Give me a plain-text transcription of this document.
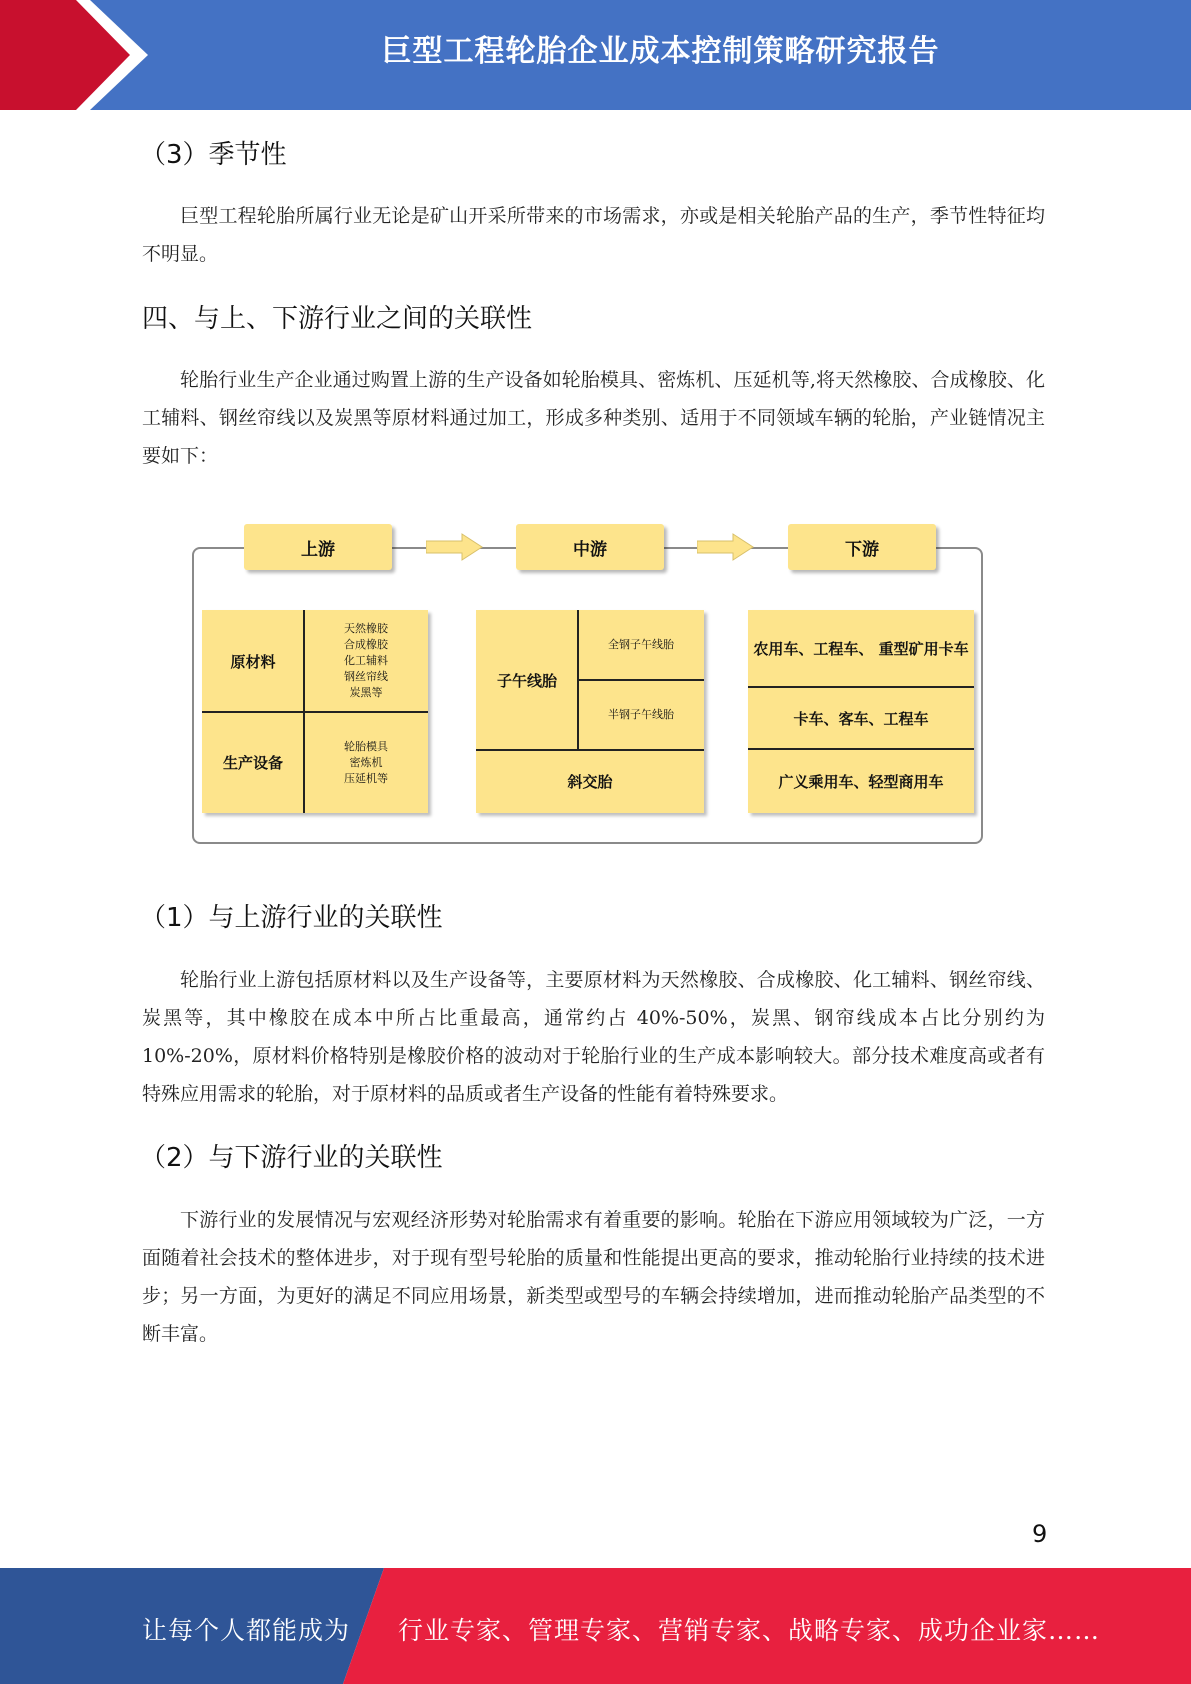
巨型工程轮胎企业成本控制策略研究报告
（3）季节性

巨型工程轮胎所属行业无论是矿山开采所带来的市场需求，亦或是相关轮胎产品的生产，季节性特征均不明显。

四、与上、下游行业之间的关联性

轮胎行业生产企业通过购置上游的生产设备如轮胎模具、密炼机、压延机等,将天然橡胶、合成橡胶、化工辅料、钢丝帘线以及炭黑等原材料通过加工，形成多种类别、适用于不同领域车辆的轮胎，产业链情况主要如下：

上游	中游	下游
原材料
天然橡胶
合成橡胶
化工辅料
钢丝帘线
炭黑等
生产设备
轮胎模具
密炼机
压延机等
子午线胎
全钢子午线胎
半钢子午线胎
斜交胎
农用车、工程车、 重型矿用卡车
卡车、客车、工程车
广义乘用车、轻型商用车
（1）与上游行业的关联性

轮胎行业上游包括原材料以及生产设备等，主要原材料为天然橡胶、合成橡胶、化工辅料、钢丝帘线、炭黑等，其中橡胶在成本中所占比重最高，通常约占 40%-50%，炭黑、钢帘线成本占比分别约为 10%-20%，原材料价格特别是橡胶价格的波动对于轮胎行业的生产成本影响较大。部分技术难度高或者有特殊应用需求的轮胎，对于原材料的品质或者生产设备的性能有着特殊要求。

（2）与下游行业的关联性

下游行业的发展情况与宏观经济形势对轮胎需求有着重要的影响。轮胎在下游应用领域较为广泛，一方面随着社会技术的整体进步，对于现有型号轮胎的质量和性能提出更高的要求，推动轮胎行业持续的技术进步；另一方面，为更好的满足不同应用场景，新类型或型号的车辆会持续增加，进而推动轮胎产品类型的不断丰富。

9
让每个人都能成为 行业专家、管理专家、营销专家、战略专家、成功企业家……
